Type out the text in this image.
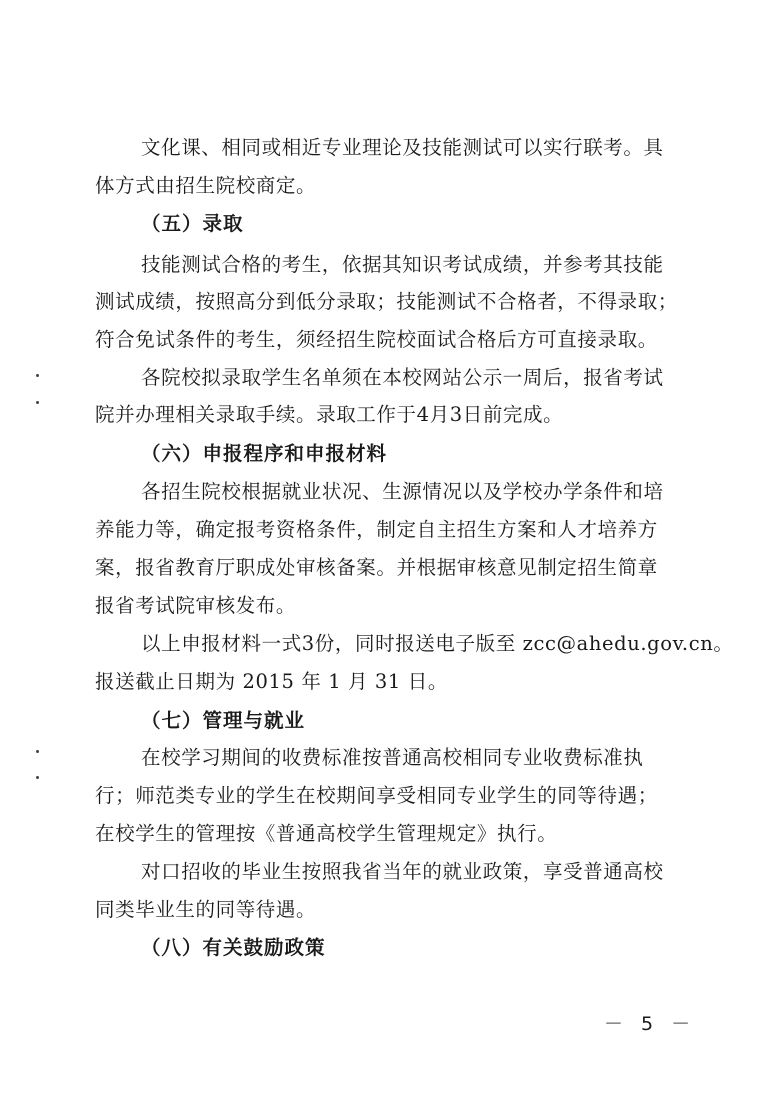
文化课、相同或相近专业理论及技能测试可以实行联考。具
体方式由招生院校商定。
（五）录取
技能测试合格的考生，依据其知识考试成绩，并参考其技能
测试成绩，按照高分到低分录取；技能测试不合格者，不得录取；
符合免试条件的考生，须经招生院校面试合格后方可直接录取。
各院校拟录取学生名单须在本校网站公示一周后，报省考试
院并办理相关录取手续。录取工作于4月3日前完成。
（六）申报程序和申报材料
各招生院校根据就业状况、生源情况以及学校办学条件和培
养能力等，确定报考资格条件，制定自主招生方案和人才培养方
案，报省教育厅职成处审核备案。并根据审核意见制定招生简章
报省考试院审核发布。
以上申报材料一式3份，同时报送电子版至 zcc@ahedu.gov.cn。
报送截止日期为 2015 年 1 月 31 日。
（七）管理与就业
在校学习期间的收费标准按普通高校相同专业收费标准执
行；师范类专业的学生在校期间享受相同专业学生的同等待遇；
在校学生的管理按《普通高校学生管理规定》执行。
对口招收的毕业生按照我省当年的就业政策，享受普通高校
同类毕业生的同等待遇。
（八）有关鼓励政策
－ 5 －
